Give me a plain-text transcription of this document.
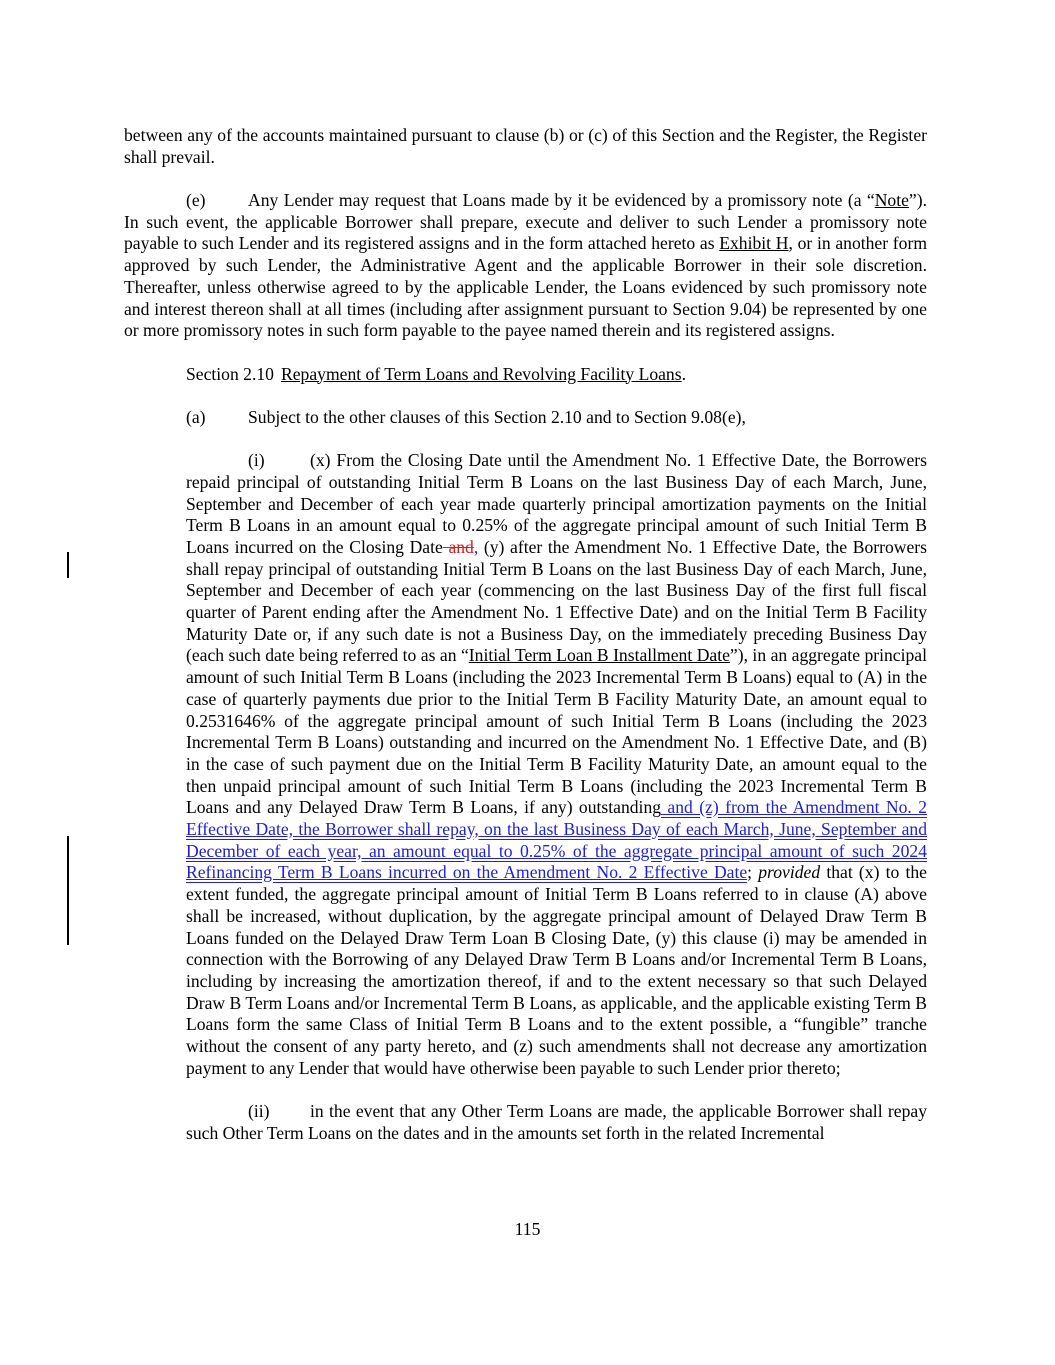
between any of the accounts maintained pursuant to clause (b) or (c) of this Section and the Register, the Register shall prevail.

(e) Any Lender may request that Loans made by it be evidenced by a promissory note (a “Note”). In such event, the applicable Borrower shall prepare, execute and deliver to such Lender a promissory note payable to such Lender and its registered assigns and in the form attached hereto as Exhibit H, or in another form approved by such Lender, the Administrative Agent and the applicable Borrower in their sole discretion. Thereafter, unless otherwise agreed to by the applicable Lender, the Loans evidenced by such promissory note and interest thereon shall at all times (including after assignment pursuant to Section 9.04) be represented by one or more promissory notes in such form payable to the payee named therein and its registered assigns.

Section 2.10 Repayment of Term Loans and Revolving Facility Loans.

(a) Subject to the other clauses of this Section 2.10 and to Section 9.08(e),

(i)	(x) From the Closing Date until the Amendment No. 1 Effective Date, the Borrowers repaid principal of outstanding Initial Term B Loans on the last Business Day of each March, June, September and December of each year made quarterly principal amortization payments on the Initial Term B Loans in an amount equal to 0.25% of the aggregate principal amount of such Initial Term B Loans incurred on the Closing Date and, (y) after the Amendment No. 1 Effective Date, the Borrowers shall repay principal of outstanding Initial Term B Loans on the last Business Day of each March, June, September and December of each year (commencing on the last Business Day of the first full fiscal quarter of Parent ending after the Amendment No. 1 Effective Date) and on the Initial Term B Facility Maturity Date or, if any such date is not a Business Day, on the immediately preceding Business Day (each such date being referred to as an “Initial Term Loan B Installment Date”), in an aggregate principal amount of such Initial Term B Loans (including the 2023 Incremental Term B Loans) equal to (A) in the case of quarterly payments due prior to the Initial Term B Facility Maturity Date, an amount equal to 0.2531646% of the aggregate principal amount of such Initial Term B Loans (including the 2023 Incremental Term B Loans) outstanding and incurred on the Amendment No. 1 Effective Date, and (B) in the case of such payment due on the Initial Term B Facility Maturity Date, an amount equal to the then unpaid principal amount of such Initial Term B Loans (including the 2023 Incremental Term B Loans and any Delayed Draw Term B Loans, if any) outstanding and (z) from the Amendment No. 2 Effective Date, the Borrower shall repay, on the last Business Day of each March, June, September and December of each year, an amount equal to 0.25% of the aggregate principal amount of such 2024 Refinancing Term B Loans incurred on the Amendment No. 2 Effective Date; provided that (x) to the extent funded, the aggregate principal amount of Initial Term B Loans referred to in clause (A) above shall be increased, without duplication, by the aggregate principal amount of Delayed Draw Term B Loans funded on the Delayed Draw Term Loan B Closing Date, (y) this clause (i) may be amended in connection with the Borrowing of any Delayed Draw Term B Loans and/or Incremental Term B Loans, including by increasing the amortization thereof, if and to the extent necessary so that such Delayed Draw B Term Loans and/or Incremental Term B Loans, as applicable, and the applicable existing Term B Loans form the same Class of Initial Term B Loans and to the extent possible, a “fungible” tranche without the consent of any party hereto, and (z) such amendments shall not decrease any amortization payment to any Lender that would have otherwise been payable to such Lender prior thereto;

(ii) in the event that any Other Term Loans are made, the applicable Borrower shall repay such Other Term Loans on the dates and in the amounts set forth in the related Incremental

115
